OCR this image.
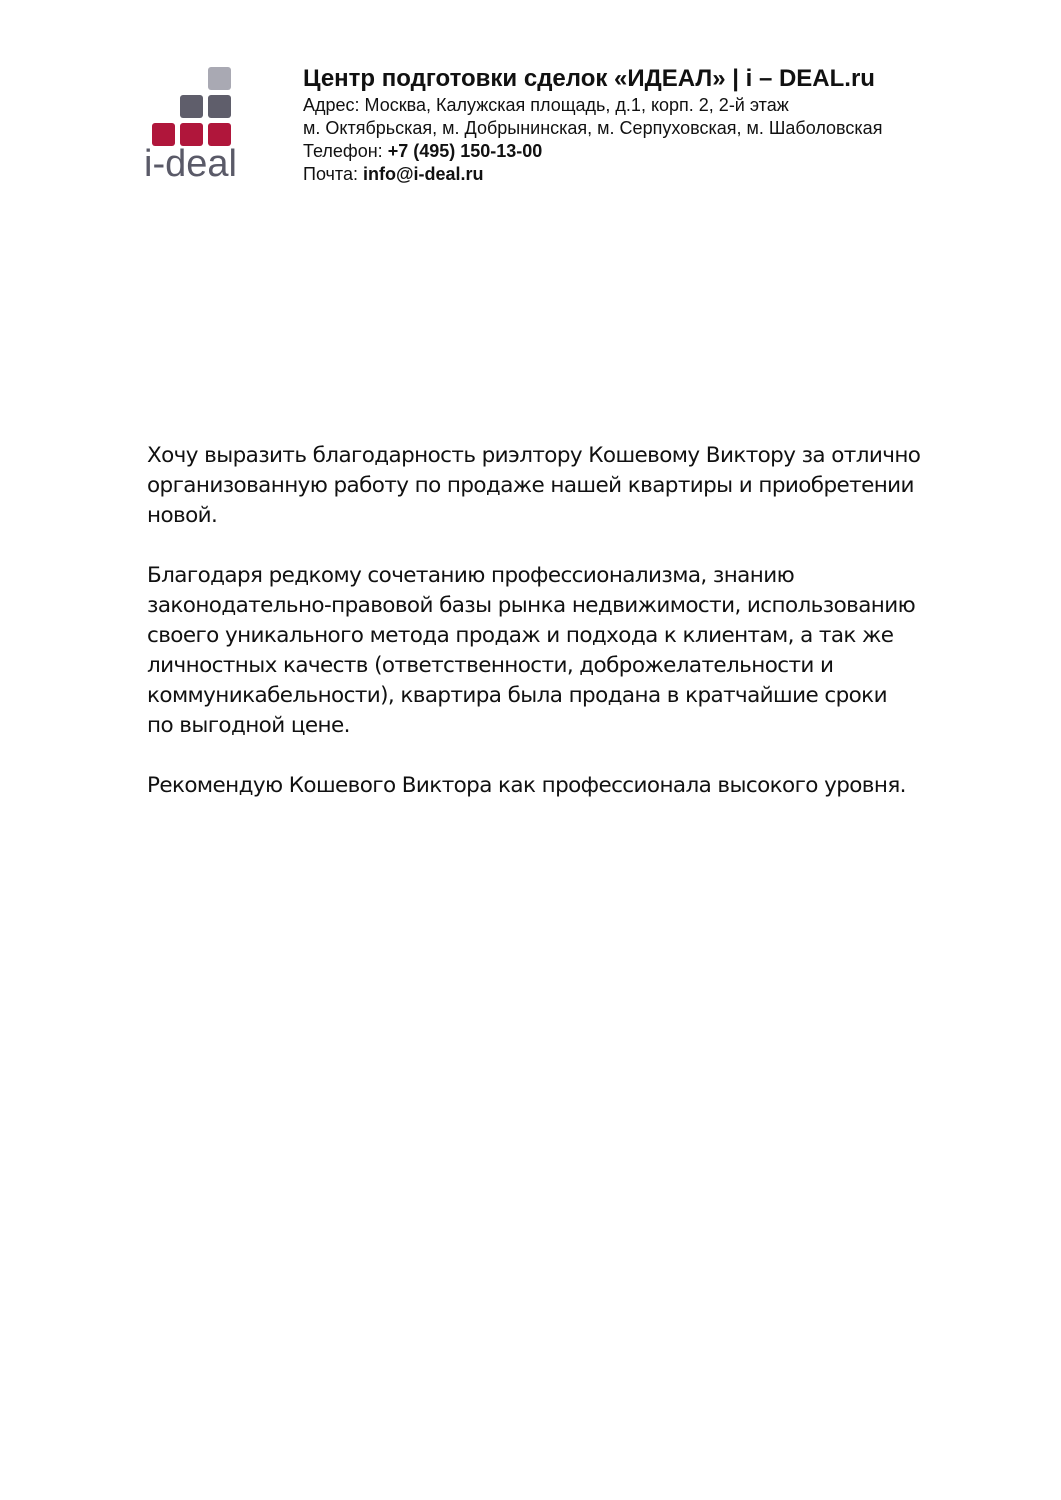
i-deal
Центр подготовки сделок «ИДЕАЛ» | i – DEAL.ru
Адрес: Москва, Калужская площадь, д.1, корп. 2, 2-й этаж
м. Октябрьская, м. Добрынинская, м. Серпуховская, м. Шаболовская
Телефон: +7 (495) 150-13-00
Почта: info@i-deal.ru

Хочу выразить благодарность риэлтору Кошевому Виктору за отлично
организованную работу по продаже нашей квартиры и приобретении
новой.

Благодаря редкому сочетанию профессионализма, знанию
законодательно-правовой базы рынка недвижимости, использованию
своего уникального метода продаж и подхода к клиентам, а так же
личностных качеств (ответственности, доброжелательности и
коммуникабельности), квартира была продана в кратчайшие сроки
по выгодной цене.

Рекомендую Кошевого Виктора как профессионала высокого уровня.
